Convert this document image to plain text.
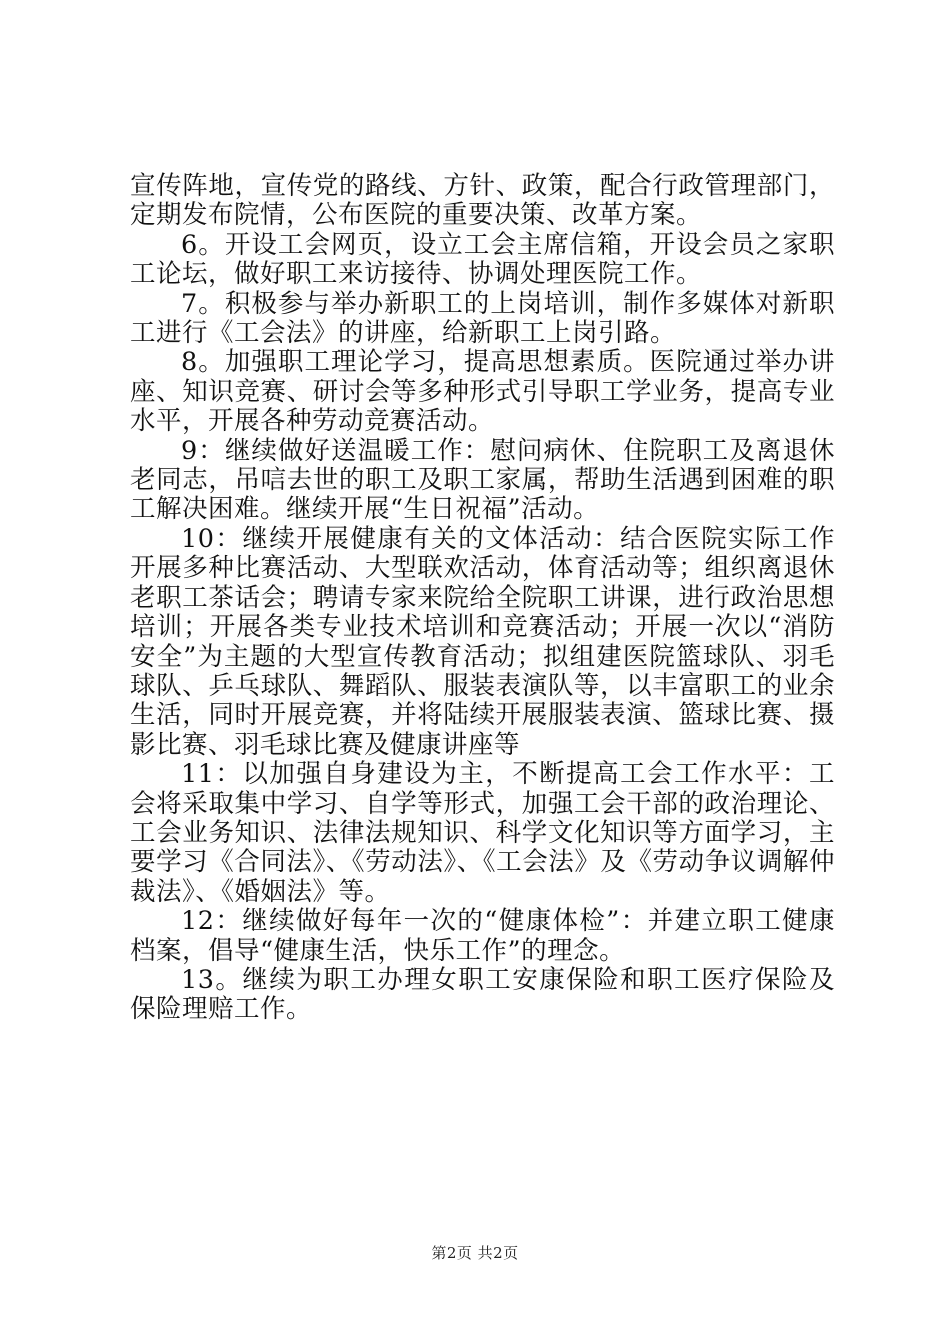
宣传阵地，宣传党的路线、方针、政策，配合行政管理部门，定期发布院情，公布医院的重要决策、改革方案。

6。开设工会网页，设立工会主席信箱，开设会员之家职工论坛，做好职工来访接待、协调处理医院工作。

7。积极参与举办新职工的上岗培训，制作多媒体对新职工进行《工会法》的讲座，给新职工上岗引路。

8。加强职工理论学习，提高思想素质。医院通过举办讲座、知识竞赛、研讨会等多种形式引导职工学业务，提高专业水平，开展各种劳动竞赛活动。

9：继续做好送温暖工作：慰问病休、住院职工及离退休老同志，吊唁去世的职工及职工家属，帮助生活遇到困难的职工解决困难。继续开展“生日祝福”活动。

10：继续开展健康有关的文体活动：结合医院实际工作开展多种比赛活动、大型联欢活动，体育活动等；组织离退休老职工茶话会；聘请专家来院给全院职工讲课，进行政治思想培训；开展各类专业技术培训和竞赛活动；开展一次以“消防安全”为主题的大型宣传教育活动；拟组建医院篮球队、羽毛球队、乒乓球队、舞蹈队、服装表演队等，以丰富职工的业余生活，同时开展竞赛，并将陆续开展服装表演、篮球比赛、摄影比赛、羽毛球比赛及健康讲座等

11：以加强自身建设为主，不断提高工会工作水平：工会将采取集中学习、自学等形式，加强工会干部的政治理论、工会业务知识、法律法规知识、科学文化知识等方面学习，主要学习《合同法》、《劳动法》、《工会法》及《劳动争议调解仲裁法》、《婚姻法》等。

12：继续做好每年一次的“健康体检”：并建立职工健康档案，倡导“健康生活，快乐工作”的理念。

13。继续为职工办理女职工安康保险和职工医疗保险及保险理赔工作。

第2页 共2页
